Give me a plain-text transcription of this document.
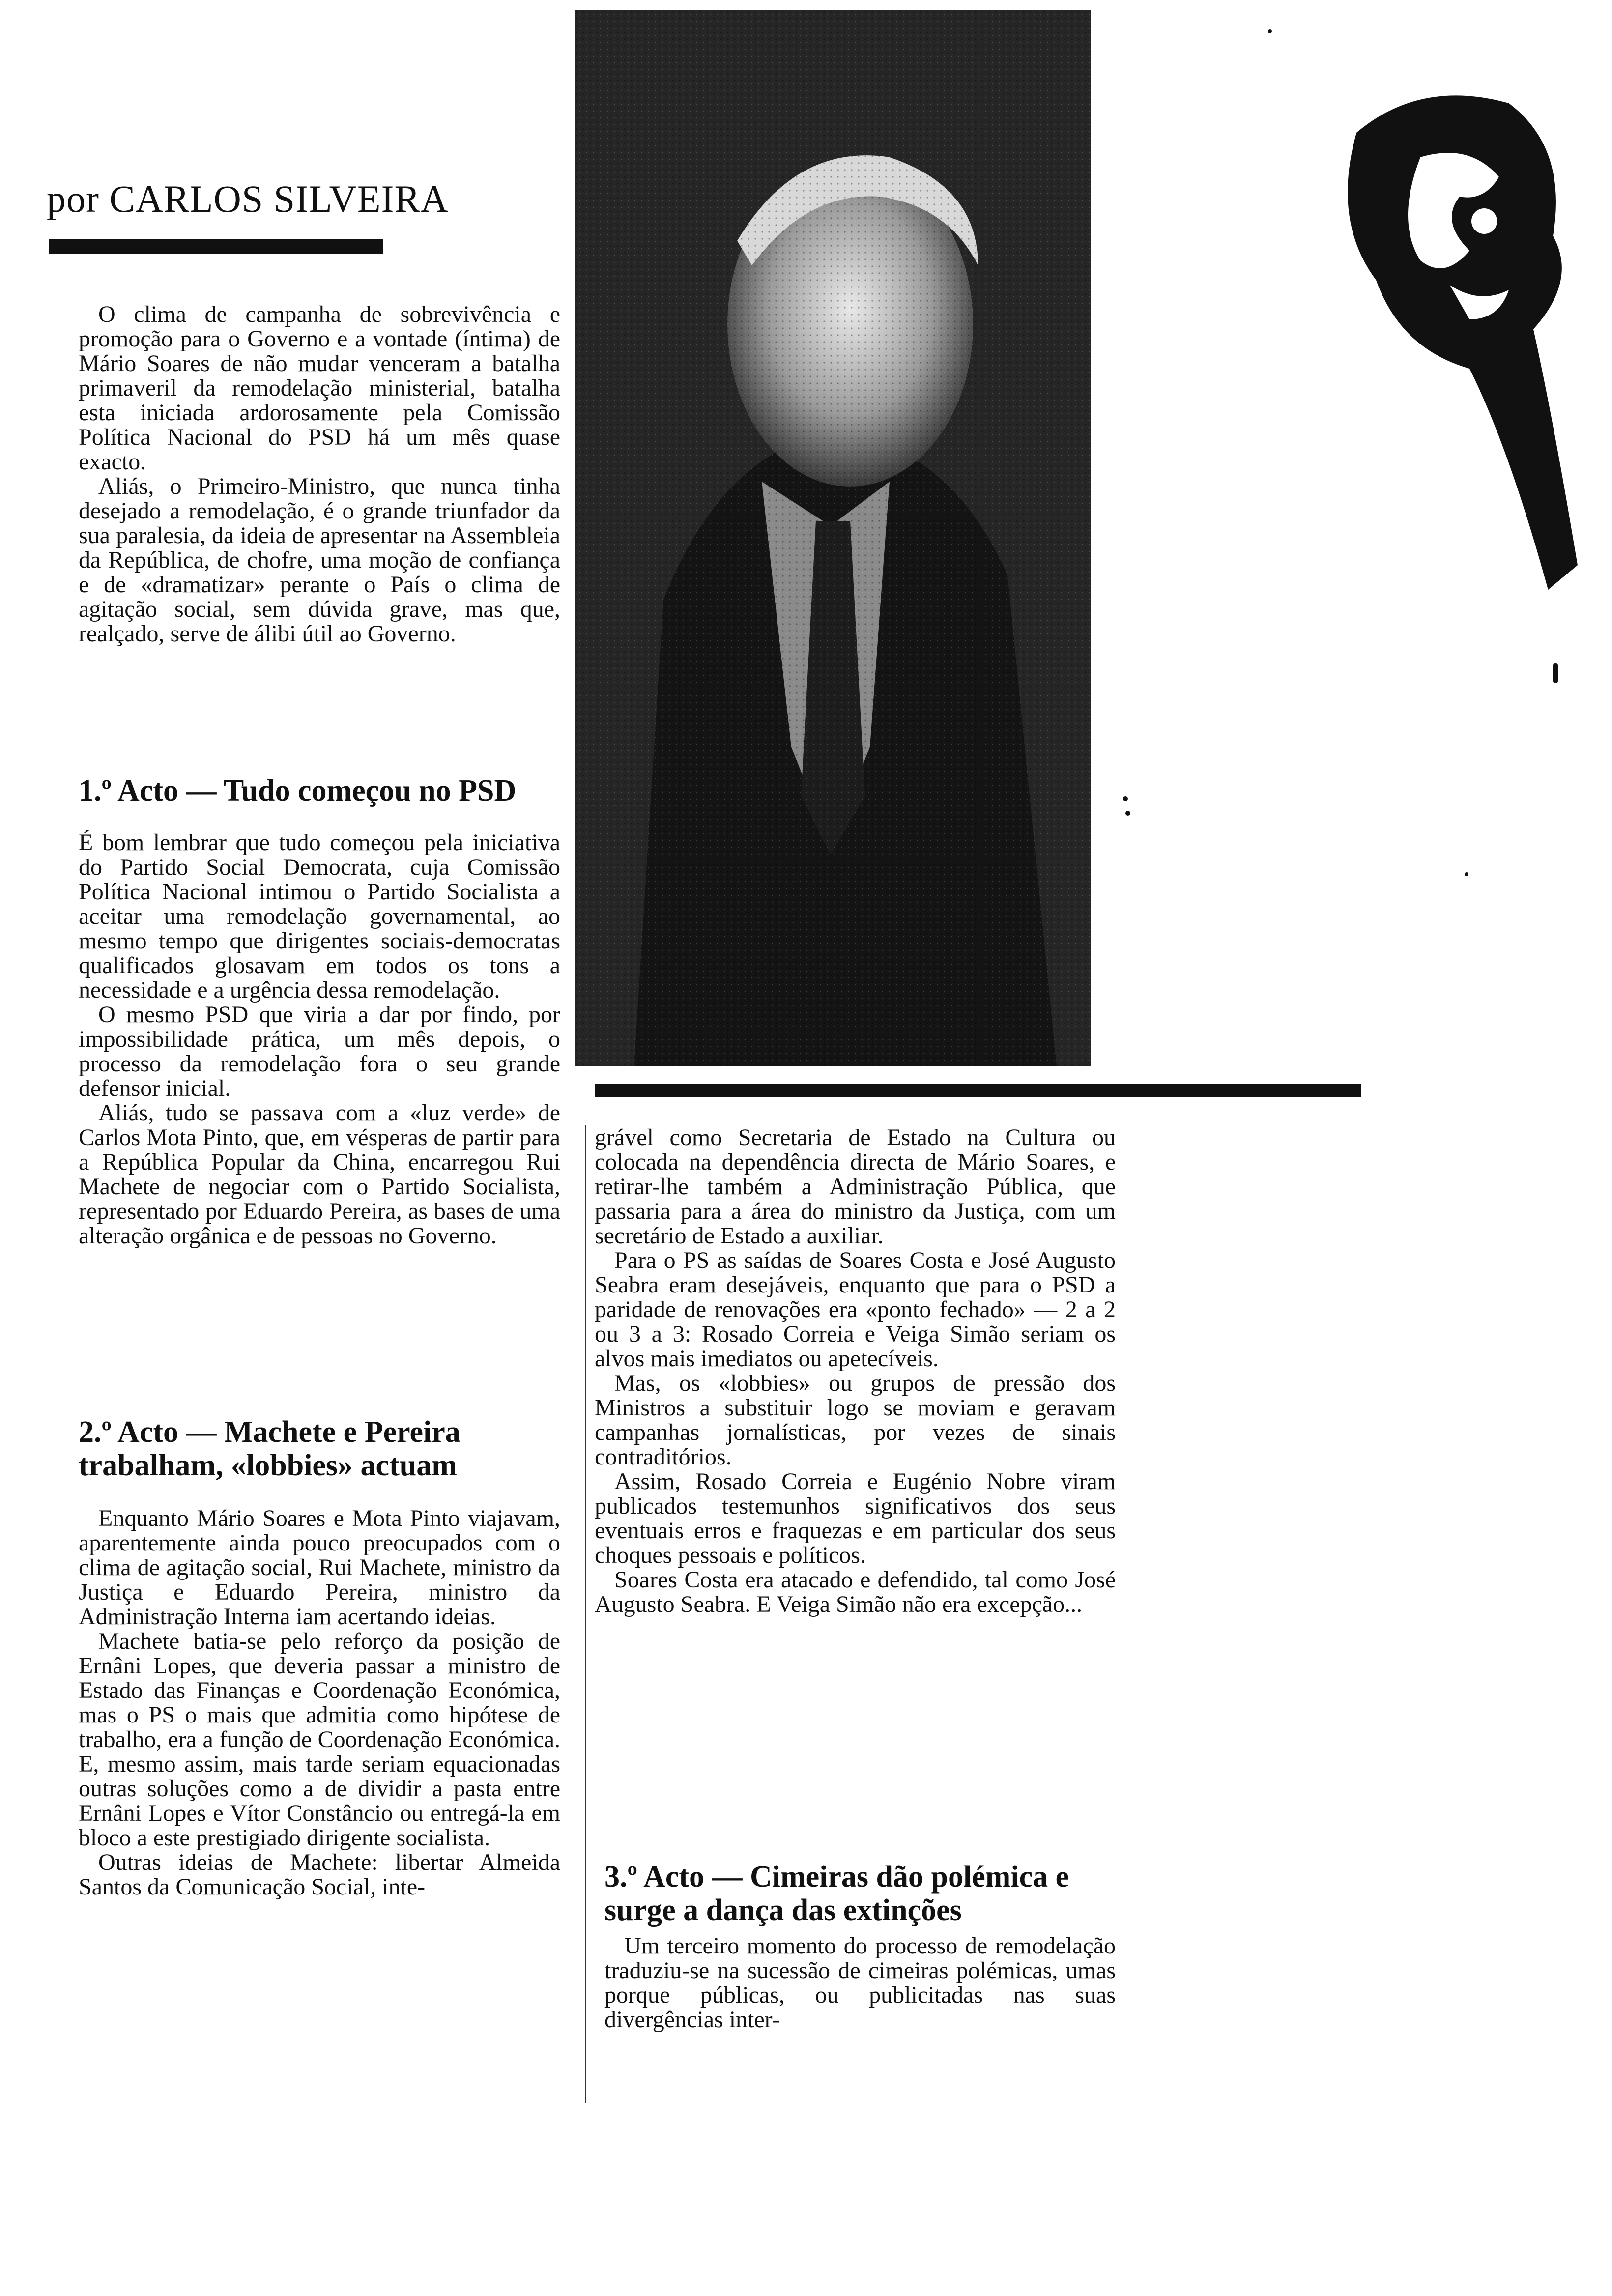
por CARLOS SILVEIRA

O clima de campanha de sobrevivência e promoção para o Governo e a vontade (íntima) de Mário Soares de não mudar venceram a batalha primaveril da remodelação ministerial, batalha esta iniciada ardorosamente pela Comissão Política Nacional do PSD há um mês quase exacto.

Aliás, o Primeiro-Ministro, que nunca tinha desejado a remodelação, é o grande triunfador da sua paralesia, da ideia de apresentar na Assembleia da República, de chofre, uma moção de confiança e de «dramatizar» perante o País o clima de agitação social, sem dúvida grave, mas que, realçado, serve de álibi útil ao Governo.

1.º Acto — Tudo começou no PSD

É bom lembrar que tudo começou pela iniciativa do Partido Social Democrata, cuja Comissão Política Nacional intimou o Partido Socialista a aceitar uma remodelação governamental, ao mesmo tempo que dirigentes sociais-democratas qualificados glosavam em todos os tons a necessidade e a urgência dessa remodelação.

O mesmo PSD que viria a dar por findo, por impossibilidade prática, um mês depois, o processo da remodelação fora o seu grande defensor inicial.

Aliás, tudo se passava com a «luz verde» de Carlos Mota Pinto, que, em vésperas de partir para a República Popular da China, encarregou Rui Machete de negociar com o Partido Socialista, representado por Eduardo Pereira, as bases de uma alteração orgânica e de pessoas no Governo.

2.º Acto — Machete e Pereira trabalham, «lobbies» actuam

Enquanto Mário Soares e Mota Pinto viajavam, aparentemente ainda pouco preocupados com o clima de agitação social, Rui Machete, ministro da Justiça e Eduardo Pereira, ministro da Administração Interna iam acertando ideias.

Machete batia-se pelo reforço da posição de Ernâni Lopes, que deveria passar a ministro de Estado das Finanças e Coordenação Económica, mas o PS o mais que admitia como hipótese de trabalho, era a função de Coordenação Económica. E, mesmo assim, mais tarde seriam equacionadas outras soluções como a de dividir a pasta entre Ernâni Lopes e Vítor Constâncio ou entregá-la em bloco a este prestigiado dirigente socialista.

Outras ideias de Machete: libertar Almeida Santos da Comunicação Social, inte-

grável como Secretaria de Estado na Cultura ou colocada na dependência directa de Mário Soares, e retirar-lhe também a Administração Pública, que passaria para a área do ministro da Justiça, com um secretário de Estado a auxiliar.

Para o PS as saídas de Soares Costa e José Augusto Seabra eram desejáveis, enquanto que para o PSD a paridade de renovações era «ponto fechado» — 2 a 2 ou 3 a 3: Rosado Correia e Veiga Simão seriam os alvos mais imediatos ou apetecíveis.

Mas, os «lobbies» ou grupos de pressão dos Ministros a substituir logo se moviam e geravam campanhas jornalísticas, por vezes de sinais contraditórios.

Assim, Rosado Correia e Eugénio Nobre viram publicados testemunhos significativos dos seus eventuais erros e fraquezas e em particular dos seus choques pessoais e políticos.

Soares Costa era atacado e defendido, tal como José Augusto Seabra. E Veiga Simão não era excepção...

3.º Acto — Cimeiras dão polémica e surge a dança das extinções

Um terceiro momento do processo de remodelação traduziu-se na sucessão de cimeiras polémicas, umas porque públicas, ou publicitadas nas suas divergências inter-
